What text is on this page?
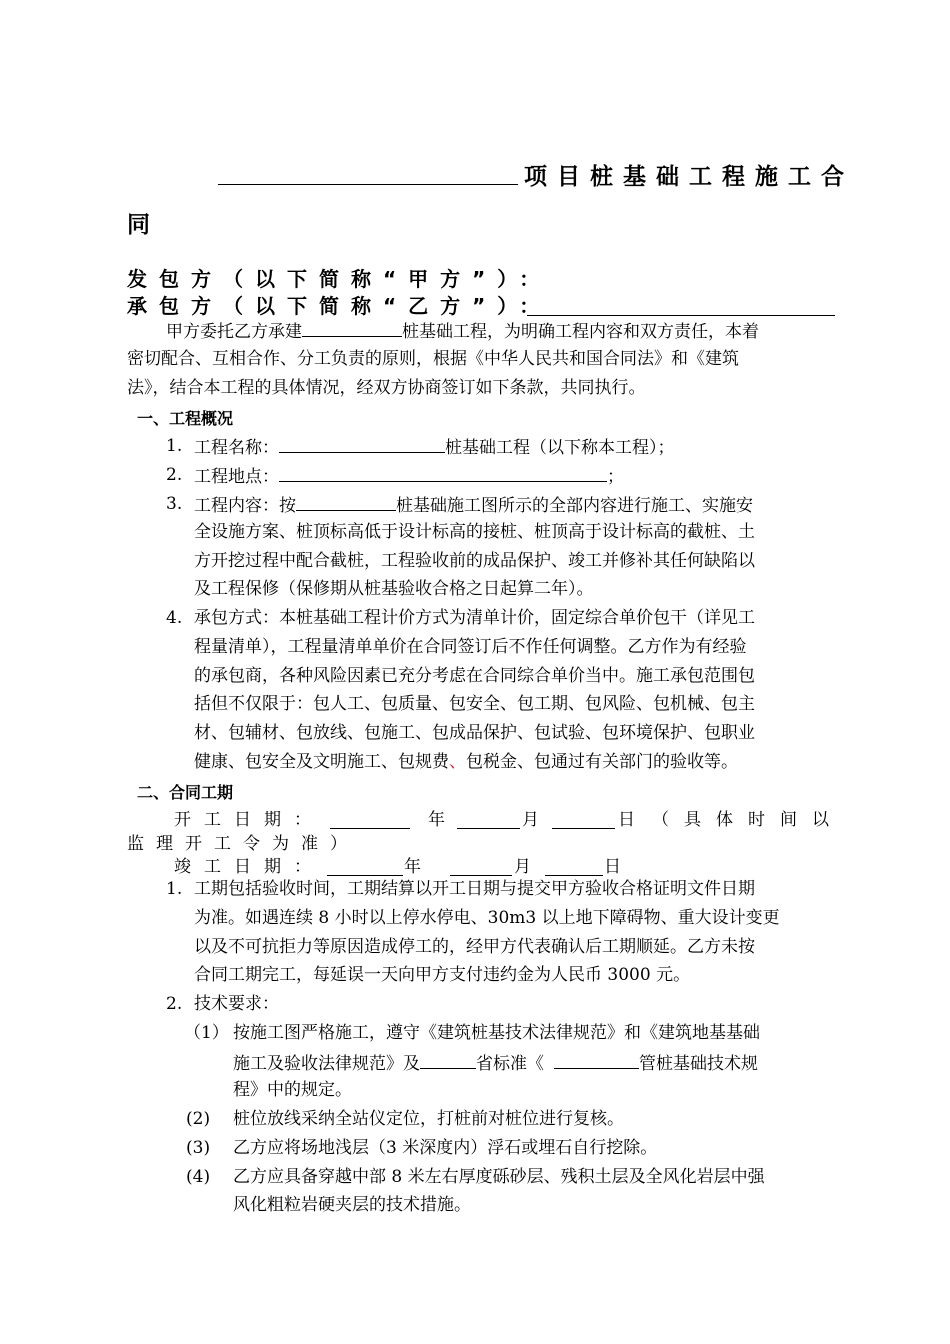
项目桩基础工程施工合
同
发包方（以下简称“甲方”）：
承包方（以下简称“乙方”）：
甲方委托乙方承建	桩基础工程，为明确工程内容和双方责任，本着
密切配合、互相合作、分工负责的原则，根据《中华人民共和国合同法》和《建筑
法》，结合本工程的具体情况，经双方协商签订如下条款，共同执行。
一、工程概况
1. 工程名称：	桩基础工程（以下称本工程）；
2. 工程地点：	；
3. 工程内容：按	桩基础施工图所示的全部内容进行施工、实施安
全设施方案、桩顶标高低于设计标高的接桩、桩顶高于设计标高的截桩、土
方开挖过程中配合截桩，工程验收前的成品保护、竣工并修补其任何缺陷以
及工程保修（保修期从桩基验收合格之日起算二年）。
4. 承包方式：本桩基础工程计价方式为清单计价，固定综合单价包干（详见工
程量清单），工程量清单单价在合同签订后不作任何调整。乙方作为有经验
的承包商，各种风险因素已充分考虑在合同综合单价当中。施工承包范围包
括但不仅限于：包人工、包质量、包安全、包工期、包风险、包机械、包主
材、包辅材、包放线、包施工、包成品保护、包试验、包环境保护、包职业
健康、包安全及文明施工、包规费、包税金、包通过有关部门的验收等。
二、合同工期
开工日期：	年	月	日 （具体时间以
监理开工令为准）
竣工日期：	年	月	日
1. 工期包括验收时间，工期结算以开工日期与提交甲方验收合格证明文件日期
为准。如遇连续 8 小时以上停水停电、30m3 以上地下障碍物、重大设计变更
以及不可抗拒力等原因造成停工的，经甲方代表确认后工期顺延。乙方未按
合同工期完工，每延误一天向甲方支付违约金为人民币 3000 元。
2. 技术要求：
（1） 按施工图严格施工，遵守《建筑桩基技术法律规范》和《建筑地基基础
施工及验收法律规范》及	省标准《	管桩基础技术规
程》中的规定。
(2) 桩位放线采纳全站仪定位，打桩前对桩位进行复核。
(3) 乙方应将场地浅层（3 米深度内）浮石或埋石自行挖除。
(4) 乙方应具备穿越中部 8 米左右厚度砾砂层、残积土层及全风化岩层中强
风化粗粒岩硬夹层的技术措施。
